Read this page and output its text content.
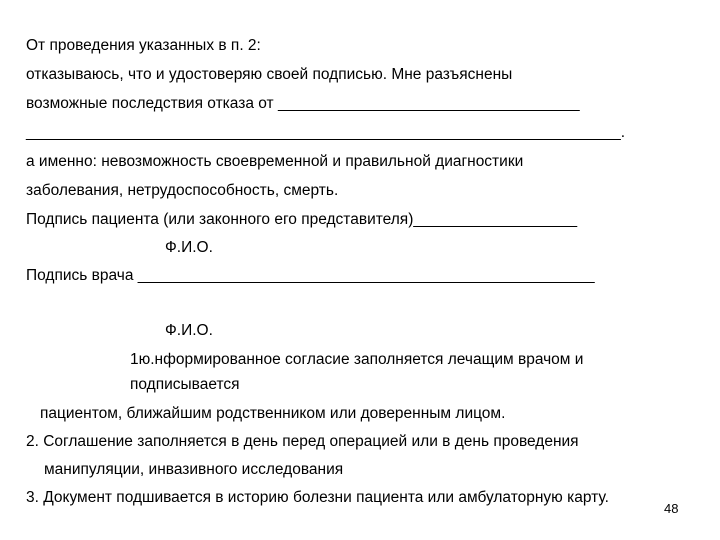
От проведения указанных в п. 2:
отказываюсь, что и удостоверяю своей подписью. Мне разъяснены
возможные последствия отказа от ___________________________________
_____________________________________________________________________.
а именно: невозможность своевременной и правильной диагностики
заболевания, нетрудоспособность, смерть.
Подпись пациента (или законного его представителя)___________________
Ф.И.О.
Подпись врача _____________________________________________________
Ф.И.О.
1ю.нформированное согласие заполняется лечащим врачом и
подписывается
пациентом, ближайшим родственником или доверенным лицом.
2. Соглашение заполняется в день перед операцией или в день проведения
манипуляции, инвазивного исследования
3. Документ подшивается в историю болезни пациента или амбулаторную карту.
48
